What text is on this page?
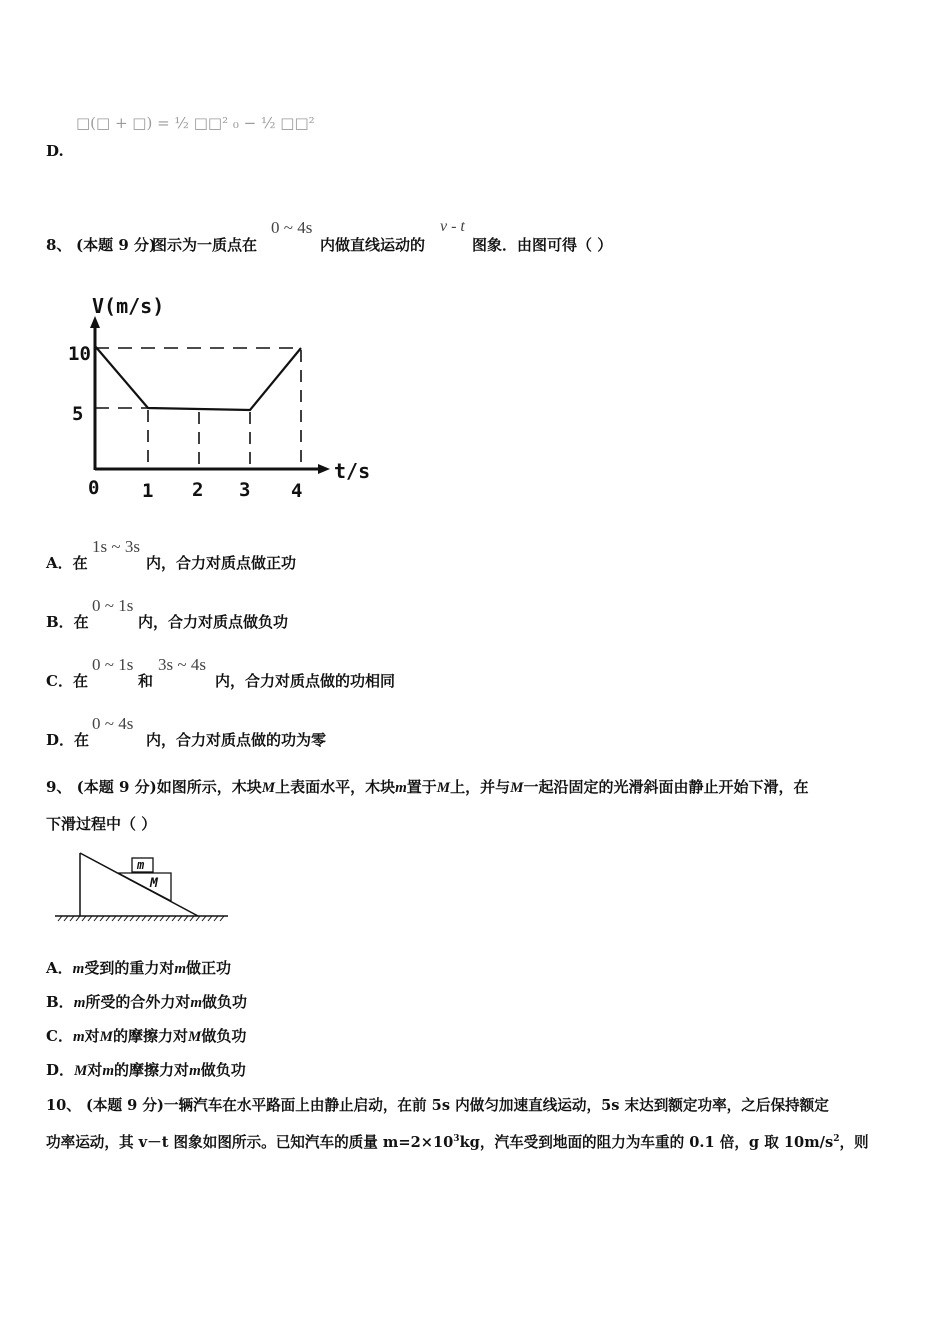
□(□ + □) = ½ □□² ₀ − ½ □□²
D.
8、 (本题 9 分)
图示为一质点在
0 ~ 4s
内做直线运动的
v - t
图象．由图可得（ ）
V(m/s)
t/s
10
5
0 1 2 3 4
A．在
1s ~ 3s
内，合力对质点做正功
B．在
0 ~ 1s
内，合力对质点做负功
C．在
0 ~ 1s
和
3s ~ 4s
内，合力对质点做的功相同
D．在
0 ~ 4s
内，合力对质点做的功为零
9、 (本题 9 分)如图所示，木块M上表面水平，木块m置于M上，并与M一起沿固定的光滑斜面由静止开始下滑，在
下滑过程中（ ）
M
m
A．m受到的重力对m做正功
B．m所受的合外力对m做负功
C．m对M的摩擦力对M做负功
D．M对m的摩擦力对m做负功
10、 (本题 9 分)一辆汽车在水平路面上由静止启动，在前 5s 内做匀加速直线运动，5s 末达到额定功率，之后保持额定
功率运动，其 v－t 图象如图所示。已知汽车的质量 $m=2\times 10^3kg$，汽车受到地面的阻力为车重的 0.1 倍，g 取 $10m/s^2$，则
